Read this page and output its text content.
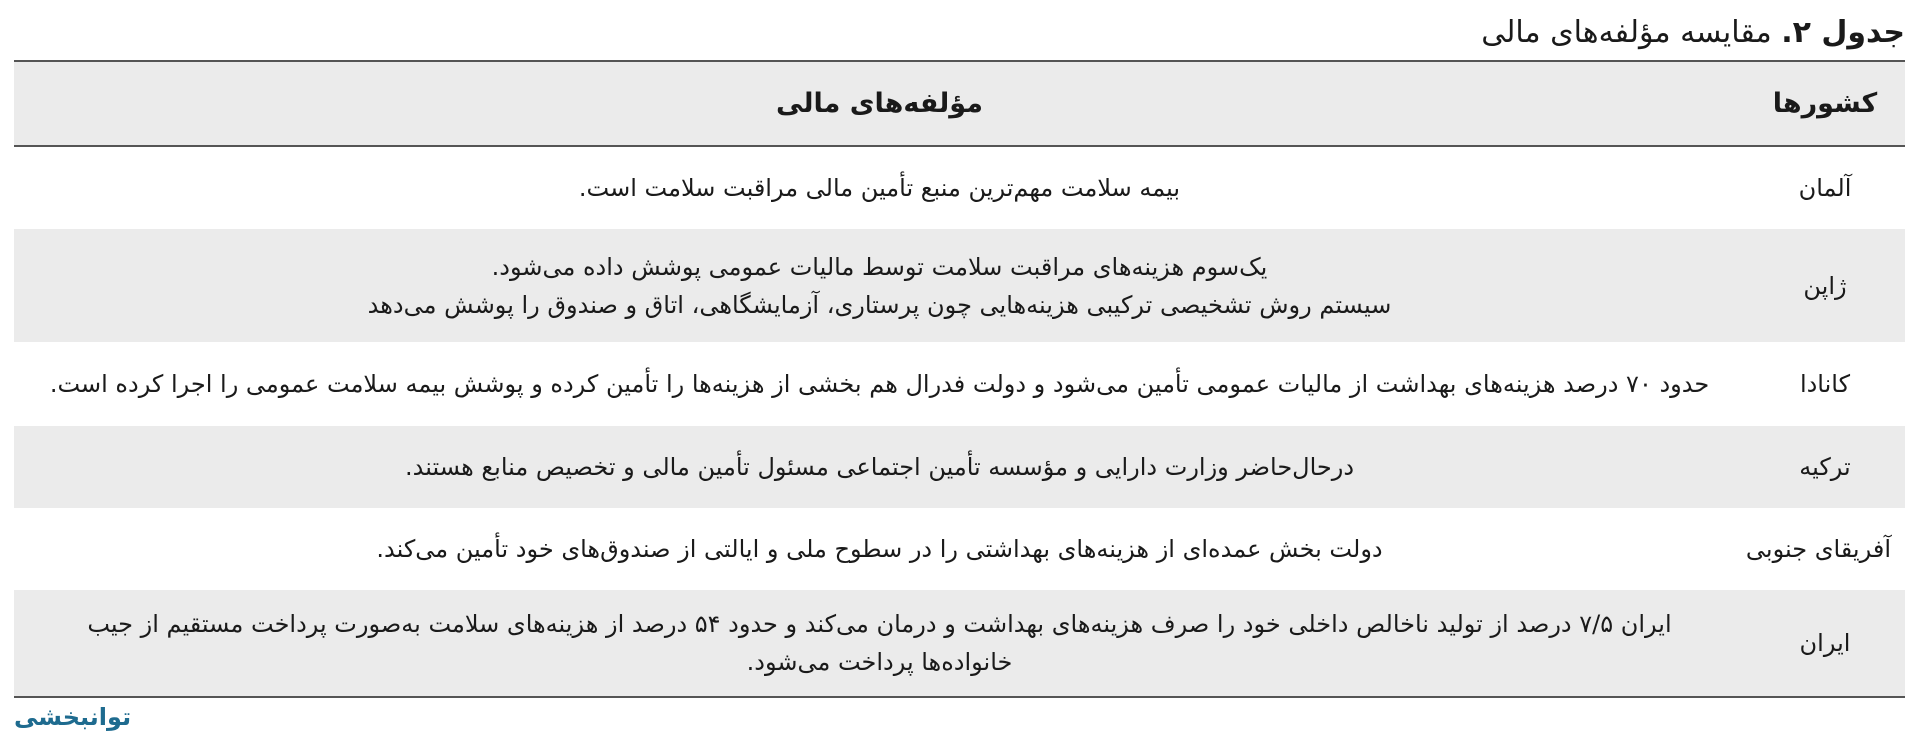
جدول ۲. مقایسه مؤلفه‌های مالی
کشورها	مؤلفه‌های مالی
آلمان	بیمه سلامت مهم‌ترین منبع تأمین مالی مراقبت سلامت است.

ژاپن	یک‌سوم هزینه‌های مراقبت سلامت توسط مالیات عمومی پوشش داده می‌شود.
سیستم روش تشخیصی ترکیبی هزینه‌هایی چون پرستاری، آزمایشگاهی، اتاق و صندوق را پوشش می‌دهد

کانادا	حدود ۷۰ درصد هزینه‌های بهداشت از مالیات عمومی تأمین می‌شود و دولت فدرال هم بخشی از هزینه‌ها را تأمین کرده و پوشش بیمه سلامت عمومی را اجرا کرده است.

ترکیه	درحال‌حاضر وزارت دارایی و مؤسسه تأمین اجتماعی مسئول تأمین مالی و تخصیص منابع هستند.

آفریقای جنوبی	دولت بخش عمده‌ای از هزینه‌های بهداشتی را در سطوح ملی و ایالتی از صندوق‌های خود تأمین می‌کند.

ایران	ایران ۷/۵ درصد از تولید ناخالص داخلی خود را صرف هزینه‌های بهداشت و درمان می‌کند و حدود ۵۴ درصد از هزینه‌های سلامت به‌صورت پرداخت مستقیم از جیب
خانواده‌ها پرداخت می‌شود.
توانبخشی
